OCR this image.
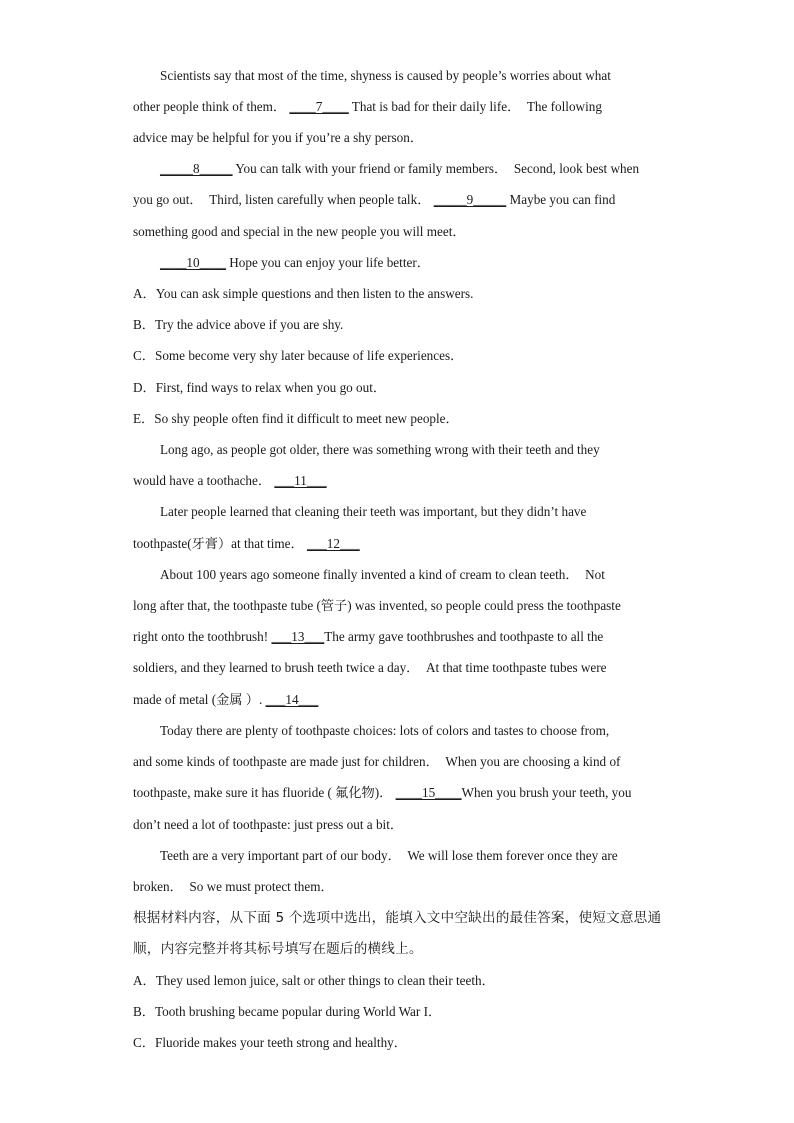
Scientists say that most of the time, shyness is caused by people’s worries about what
other people think of them． ____7____ That is bad for their daily life．　The following
advice may be helpful for you if you’re a shy person．
_____8_____ You can talk with your friend or family members．　Second, look best when
you go out．　Third, listen carefully when people talk． _____9_____ Maybe you can find
something good and special in the new people you will meet．
____10____ Hope you can enjoy your life better．
A．You can ask simple questions and then listen to the answers.
B．Try the advice above if you are shy.
C．Some become very shy later because of life experiences．
D．First, find ways to relax when you go out．
E．So shy people often find it difficult to meet new people．
Long ago, as people got older, there was something wrong with their teeth and they
would have a toothache． ___11___
Later people learned that cleaning their teeth was important, but they didn’t have
toothpaste(牙膏）at that time． ___12___
About 100 years ago someone finally invented a kind of cream to clean teeth．　Not
long after that, the toothpaste tube (管子) was invented, so people could press the toothpaste
right onto the toothbrush! ___13___The army gave toothbrushes and toothpaste to all the
soldiers, and they learned to brush teeth twice a day．　At that time toothpaste tubes were
made of metal (金属 ）. ___14___
Today there are plenty of toothpaste choices: lots of colors and tastes to choose from,
and some kinds of toothpaste are made just for children．　When you are choosing a kind of
toothpaste, make sure it has fluoride ( 氟化物)． ____15____When you brush your teeth, you
don’t need a lot of toothpaste: just press out a bit．
Teeth are a very important part of our body．　We will lose them forever once they are
broken．　So we must protect them．
根据材料内容，从下面 5 个选项中选出，能填入文中空缺出的最佳答案，使短文意思通
顺，内容完整并将其标号填写在题后的横线上。
A．They used lemon juice, salt or other things to clean their teeth．
B．Tooth brushing became popular during World War I．
C．Fluoride makes your teeth strong and healthy．
